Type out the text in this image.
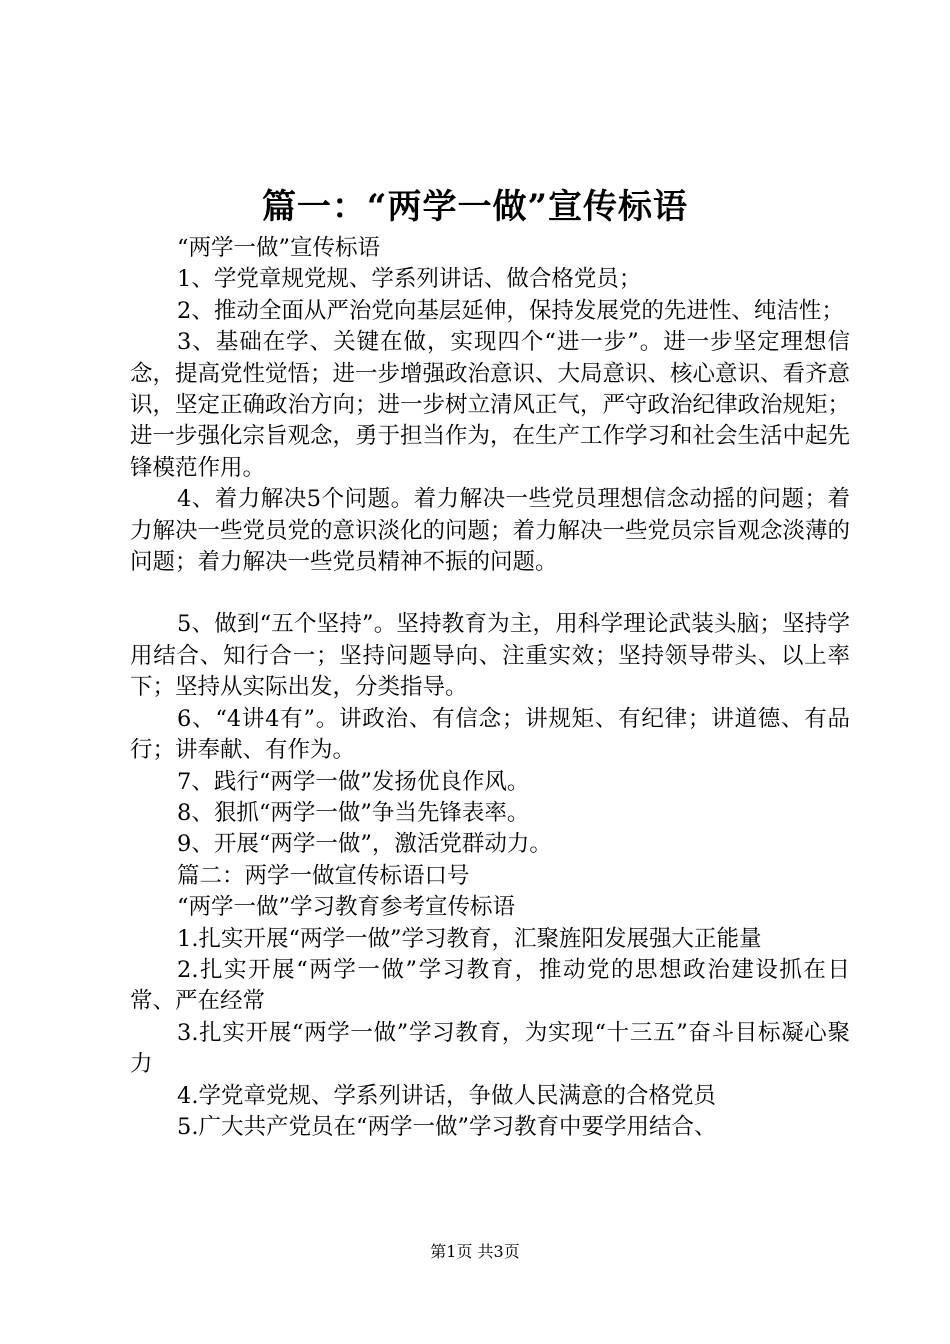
篇一：“两学一做”宣传标语

“两学一做”宣传标语

1、学党章规党规、学系列讲话、做合格党员；

2、推动全面从严治党向基层延伸，保持发展党的先进性、纯洁性；

3、基础在学、关键在做，实现四个“进一步”。进一步坚定理想信念，提高党性觉悟；进一步增强政治意识、大局意识、核心意识、看齐意识，坚定正确政治方向；进一步树立清风正气，严守政治纪律政治规矩；进一步强化宗旨观念，勇于担当作为，在生产工作学习和社会生活中起先锋模范作用。

4、着力解决5个问题。着力解决一些党员理想信念动摇的问题；着力解决一些党员党的意识淡化的问题；着力解决一些党员宗旨观念淡薄的问题；着力解决一些党员精神不振的问题。

5、做到“五个坚持”。坚持教育为主，用科学理论武装头脑；坚持学用结合、知行合一；坚持问题导向、注重实效；坚持领导带头、以上率下；坚持从实际出发，分类指导。

6、“4讲4有”。讲政治、有信念；讲规矩、有纪律；讲道德、有品行；讲奉献、有作为。

7、践行“两学一做”发扬优良作风。

8、狠抓“两学一做”争当先锋表率。

9、开展“两学一做”，激活党群动力。

篇二：两学一做宣传标语口号

“两学一做”学习教育参考宣传标语

1.扎实开展“两学一做”学习教育，汇聚旌阳发展强大正能量

2.扎实开展“两学一做”学习教育，推动党的思想政治建设抓在日常、严在经常

3.扎实开展“两学一做”学习教育，为实现“十三五”奋斗目标凝心聚力

4.学党章党规、学系列讲话，争做人民满意的合格党员

5.广大共产党员在“两学一做”学习教育中要学用结合、

第1页 共3页
